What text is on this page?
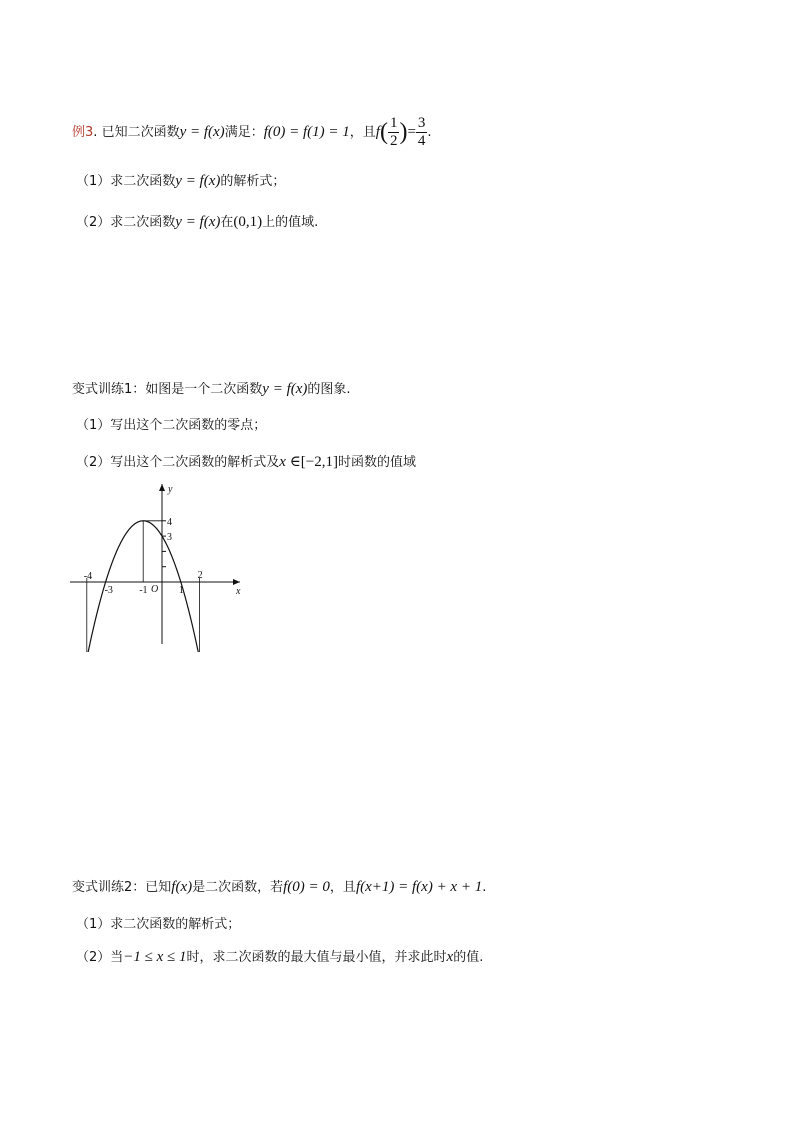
例3. 已知二次函数y = f(x)满足：f(0) = f(1) = 1，且$f( \frac{1}{2}$ )= $\frac{3}{4}$ .
（1）求二次函数y = f(x)的解析式；
（2）求二次函数y = f(x)在(0,1)上的值域.
变式训练1：如图是一个二次函数y = f(x)的图象.
（1）写出这个二次函数的零点；
（2）写出这个二次函数的解析式及x ∈[−2,1]时函数的值域
x
y
O
3
4
-4
-3	-1	1
2
变式训练2：已知f(x)是二次函数，若f(0) = 0，且f(x+1) = f(x) + x + 1.
（1）求二次函数的解析式；
（2）当−1 ≤ x ≤ 1时，求二次函数的最大值与最小值，并求此时x的值.
